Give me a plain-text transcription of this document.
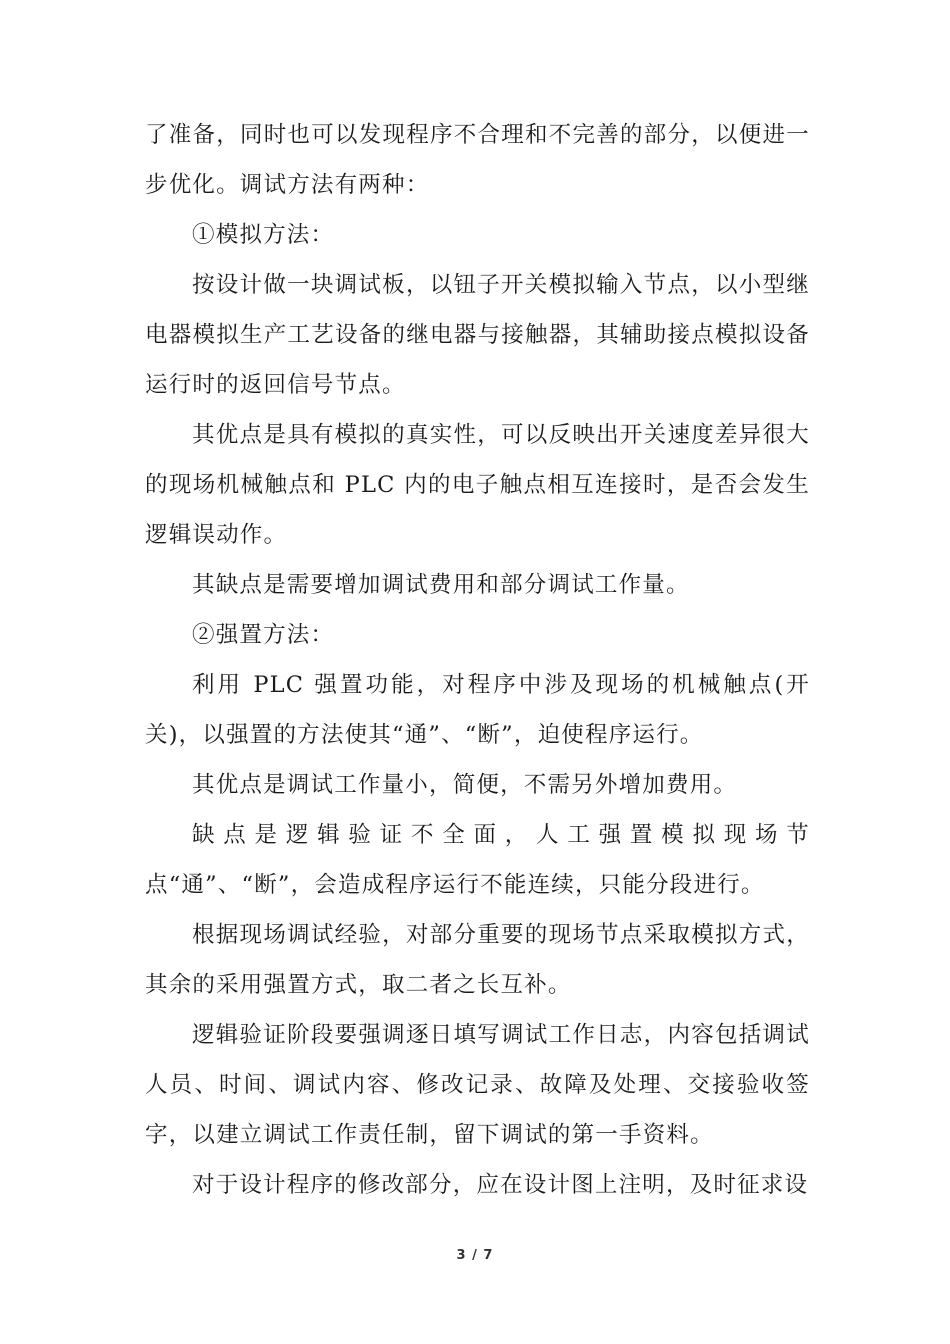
了准备，同时也可以发现程序不合理和不完善的部分，以便进一步优化。调试方法有两种：

①模拟方法：

按设计做一块调试板，以钮子开关模拟输入节点，以小型继电器模拟生产工艺设备的继电器与接触器，其辅助接点模拟设备运行时的返回信号节点。

其优点是具有模拟的真实性，可以反映出开关速度差异很大的现场机械触点和 PLC 内的电子触点相互连接时，是否会发生逻辑误动作。

其缺点是需要增加调试费用和部分调试工作量。

②强置方法：

利用 PLC 强置功能，对程序中涉及现场的机械触点(开关)，以强置的方法使其“通”、“断”，迫使程序运行。

其优点是调试工作量小，简便，不需另外增加费用。

缺点是逻辑验证不全面，人工强置模拟现场节点“通”、“断”，会造成程序运行不能连续，只能分段进行。

根据现场调试经验，对部分重要的现场节点采取模拟方式，其余的采用强置方式，取二者之长互补。

逻辑验证阶段要强调逐日填写调试工作日志，内容包括调试人员、时间、调试内容、修改记录、故障及处理、交接验收签字，以建立调试工作责任制，留下调试的第一手资料。

对于设计程序的修改部分，应在设计图上注明，及时征求设

3 / 7
